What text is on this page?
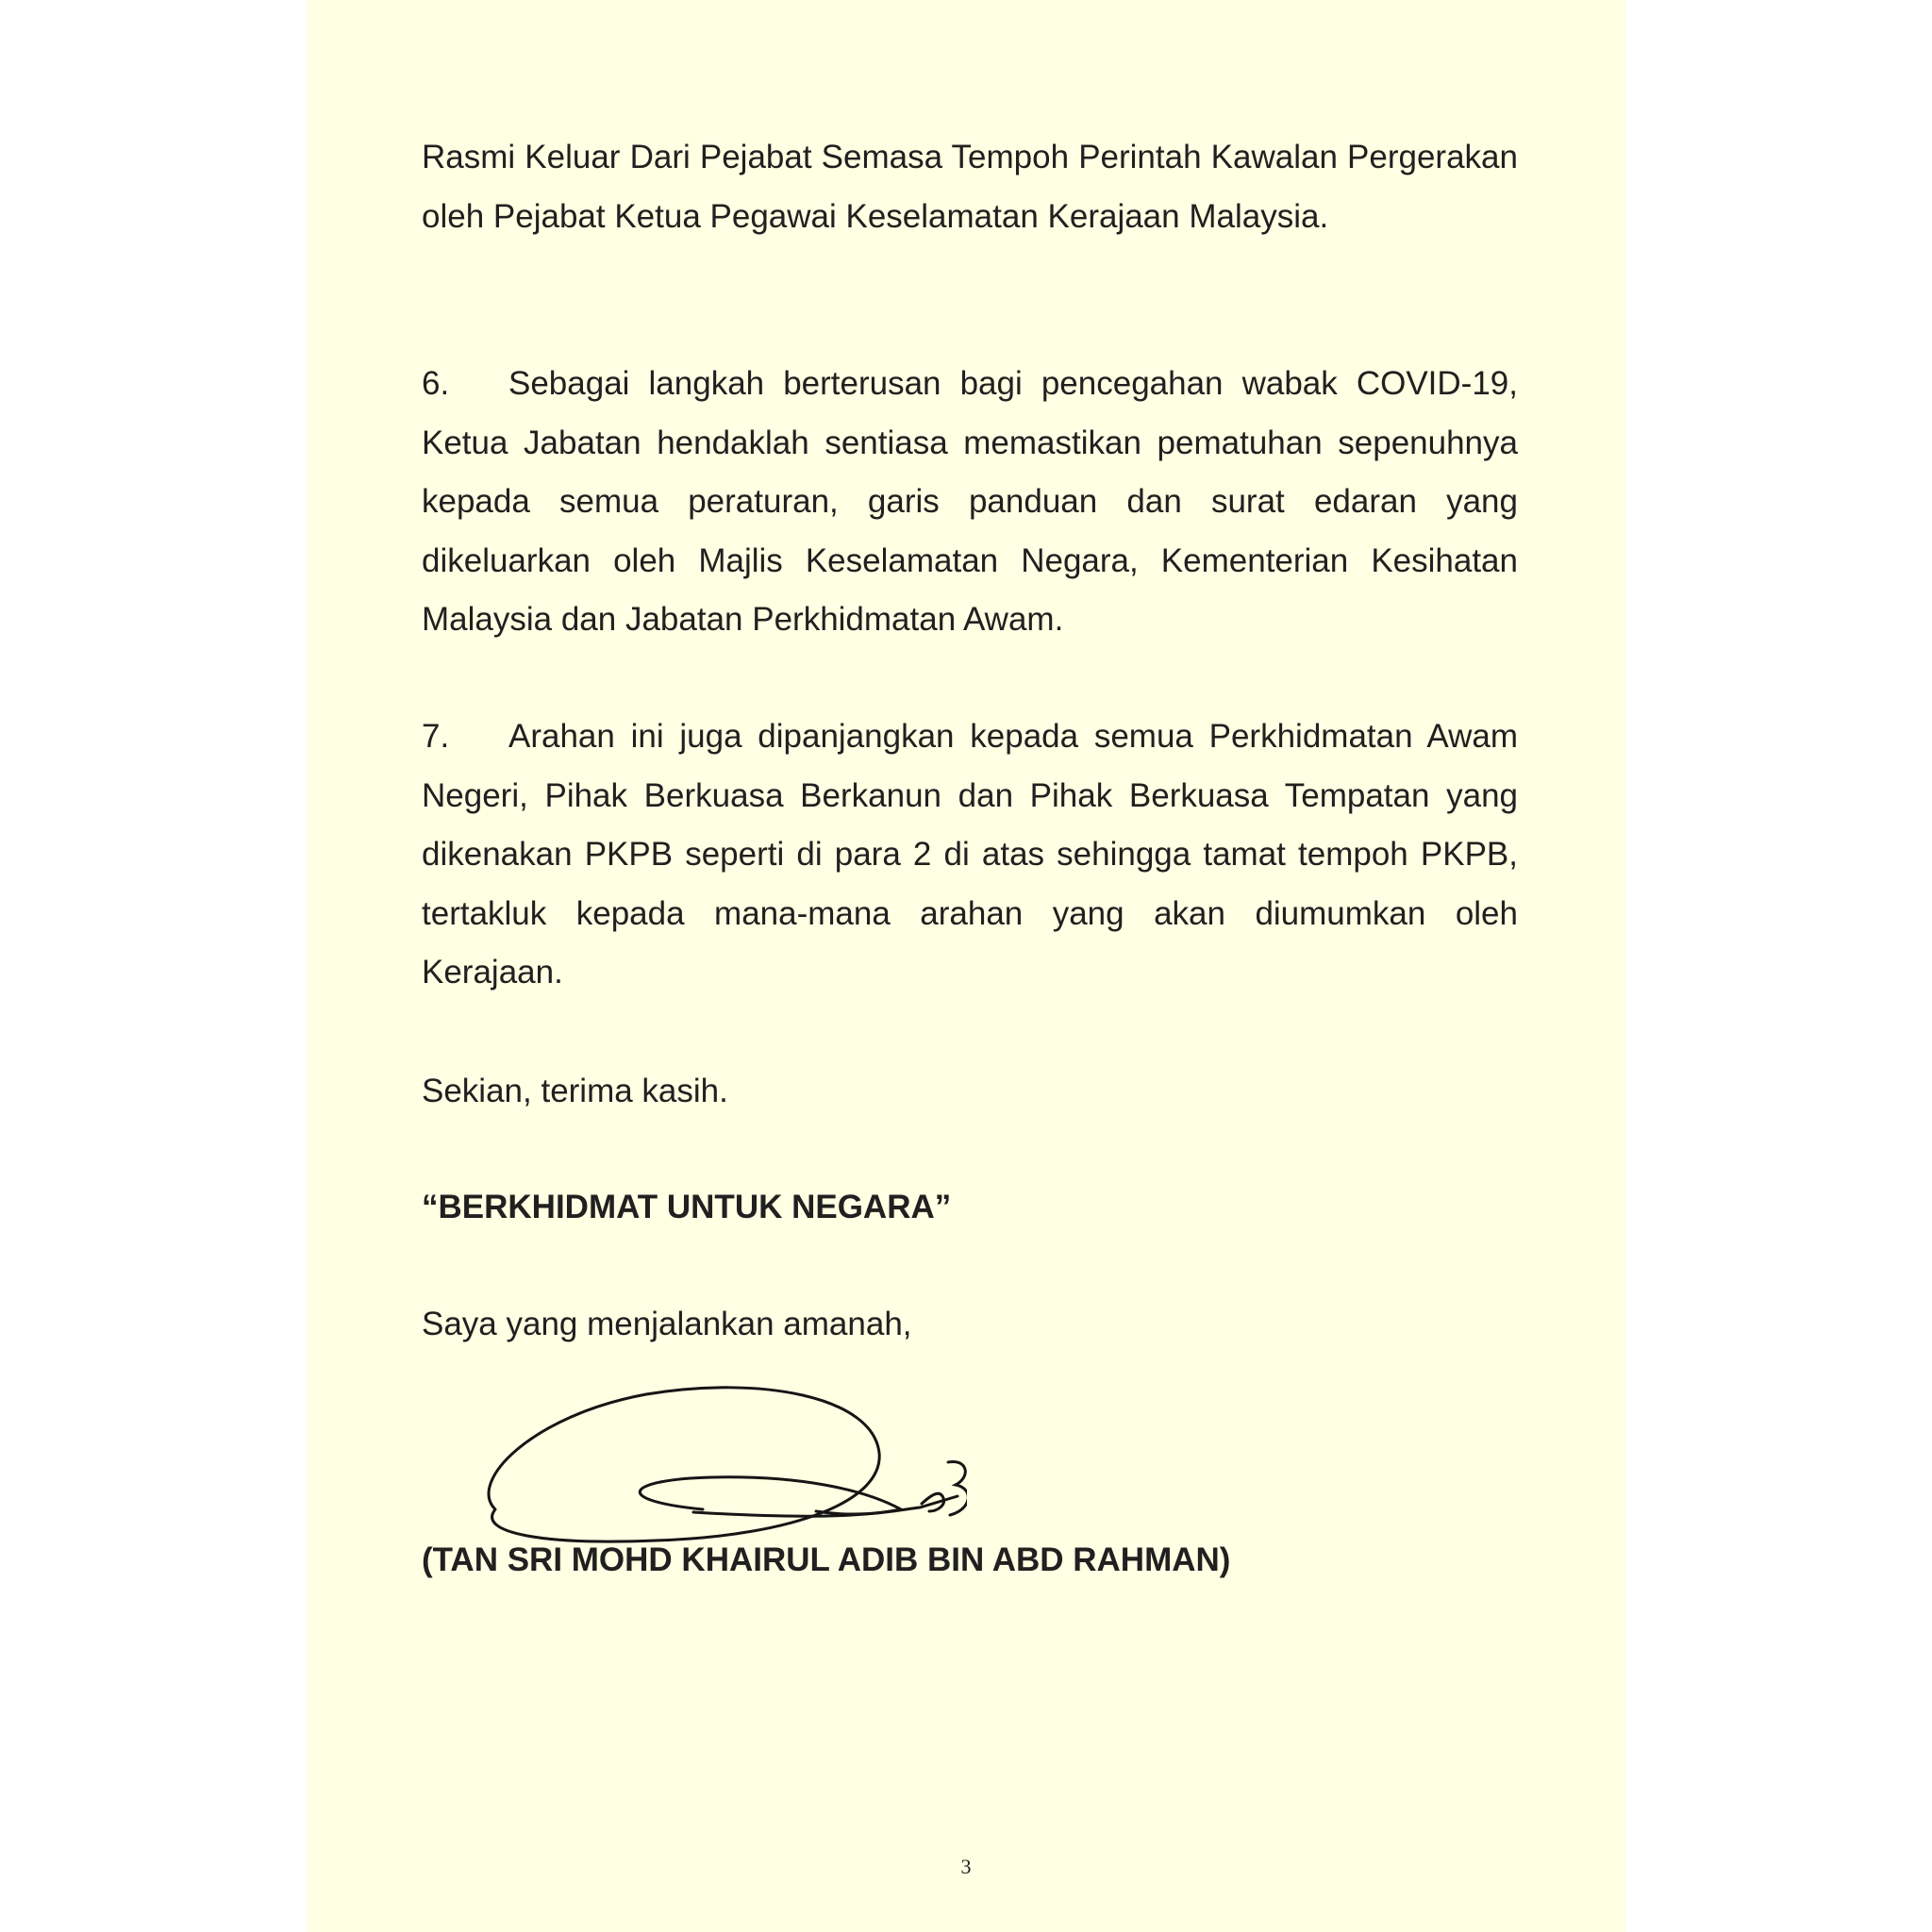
Rasmi Keluar Dari Pejabat Semasa Tempoh Perintah Kawalan Pergerakan oleh Pejabat Ketua Pegawai Keselamatan Kerajaan Malaysia.

6. Sebagai langkah berterusan bagi pencegahan wabak COVID-19, Ketua Jabatan hendaklah sentiasa memastikan pematuhan sepenuhnya kepada semua peraturan, garis panduan dan surat edaran yang dikeluarkan oleh Majlis Keselamatan Negara, Kementerian Kesihatan Malaysia dan Jabatan Perkhidmatan Awam.

7. Arahan ini juga dipanjangkan kepada semua Perkhidmatan Awam Negeri, Pihak Berkuasa Berkanun dan Pihak Berkuasa Tempatan yang dikenakan PKPB seperti di para 2 di atas sehingga tamat tempoh PKPB, tertakluk kepada mana-mana arahan yang akan diumumkan oleh Kerajaan.

Sekian, terima kasih.

“BERKHIDMAT UNTUK NEGARA”

Saya yang menjalankan amanah,

(TAN SRI MOHD KHAIRUL ADIB BIN ABD RAHMAN)

3
